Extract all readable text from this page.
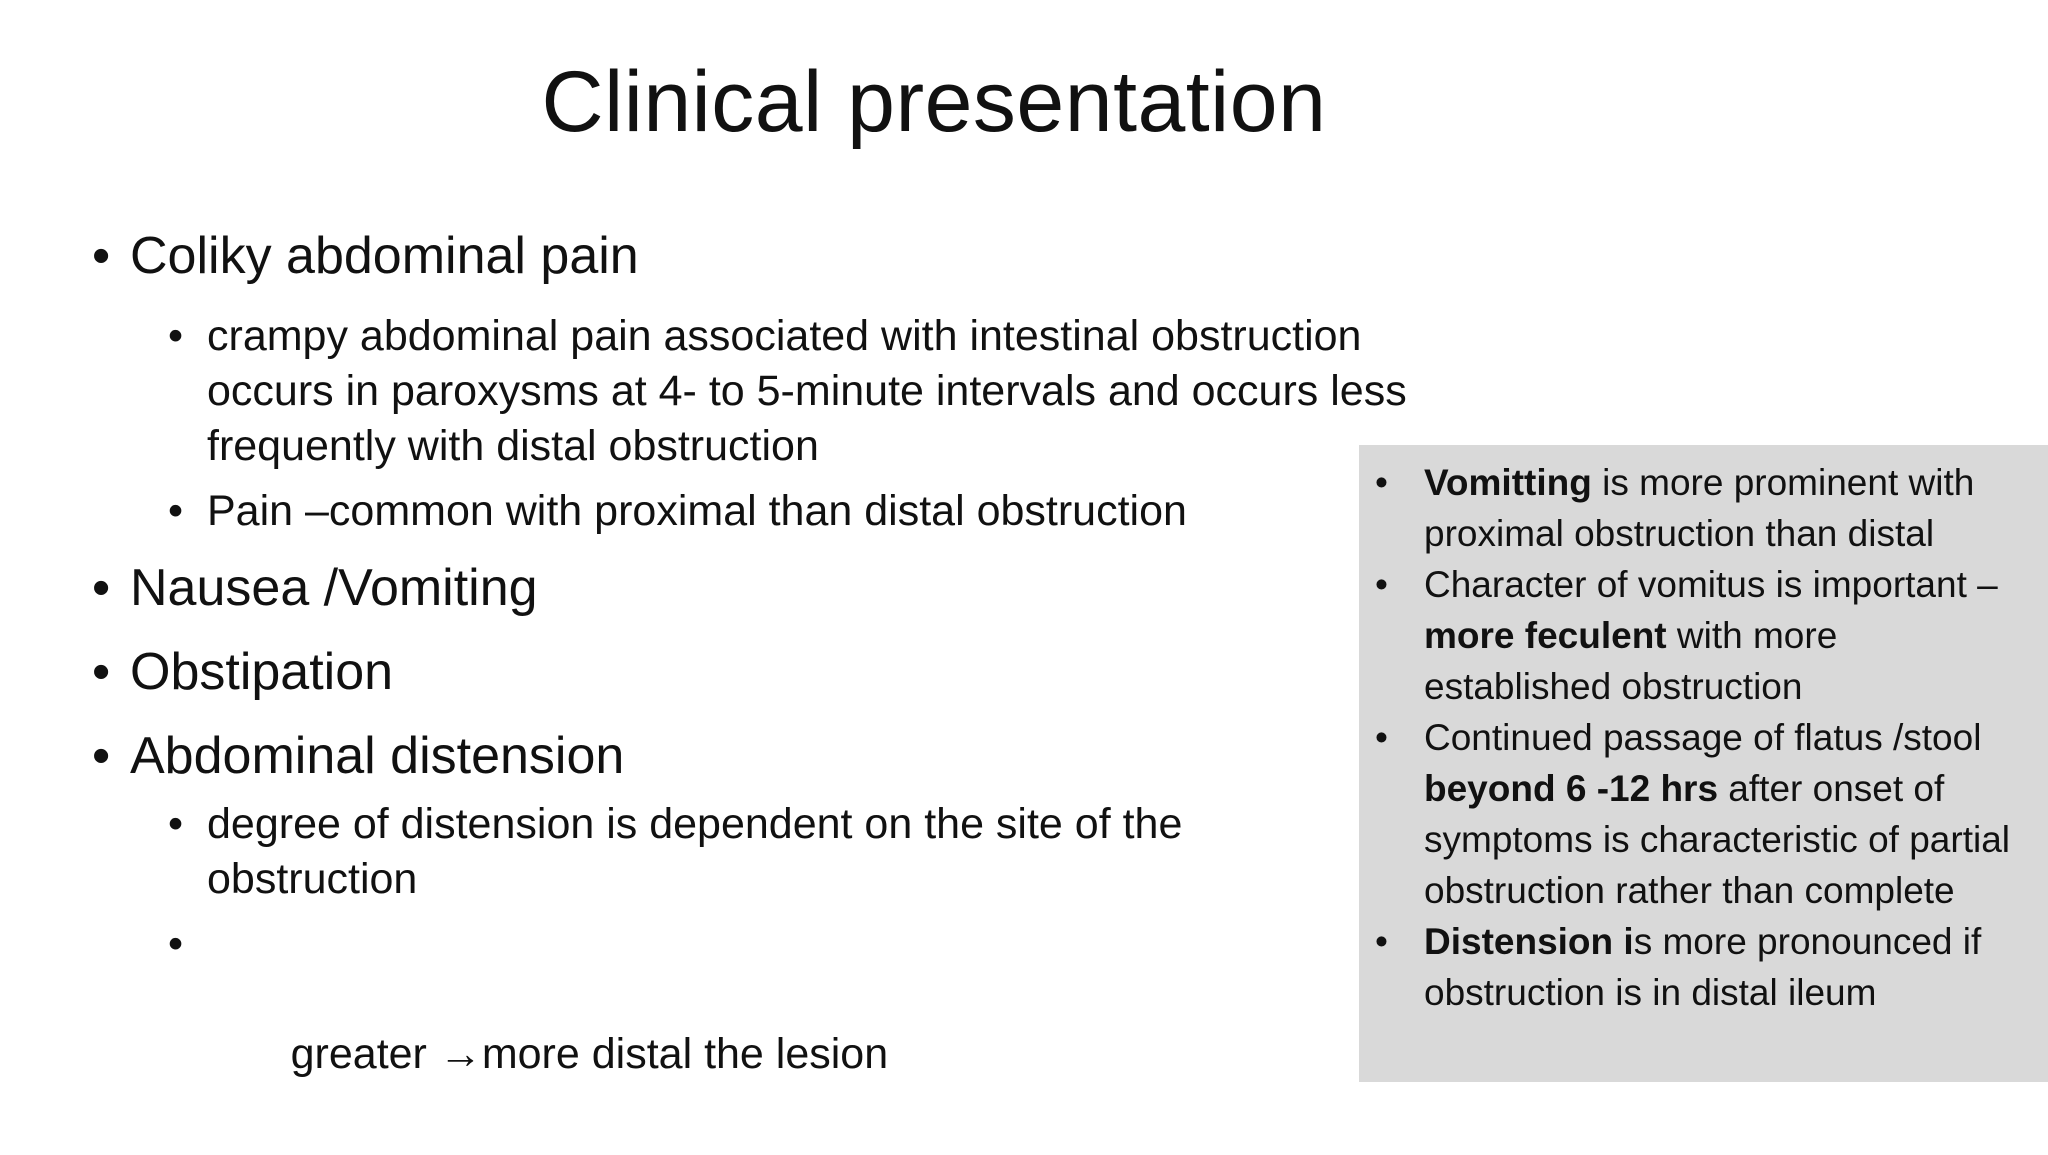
Clinical presentation
• Coliky abdominal pain
• crampy abdominal pain associated with intestinal obstruction occurs in paroxysms at 4- to 5-minute intervals and occurs less frequently with distal obstruction
• Pain –common with proximal than distal obstruction
• Nausea /Vomiting
• Obstipation
• Abdominal distension
• degree of distension is dependent on the site of the obstruction

•

greater →more distal the lesion

• Vomitting is more prominent with proximal obstruction than distal
• Character of vomitus is important –more feculent with more established obstruction
• Continued passage of flatus /stool beyond 6 -12 hrs after onset of symptoms is characteristic of partial obstruction rather than complete
• Distension is more pronounced if obstruction is in distal ileum
